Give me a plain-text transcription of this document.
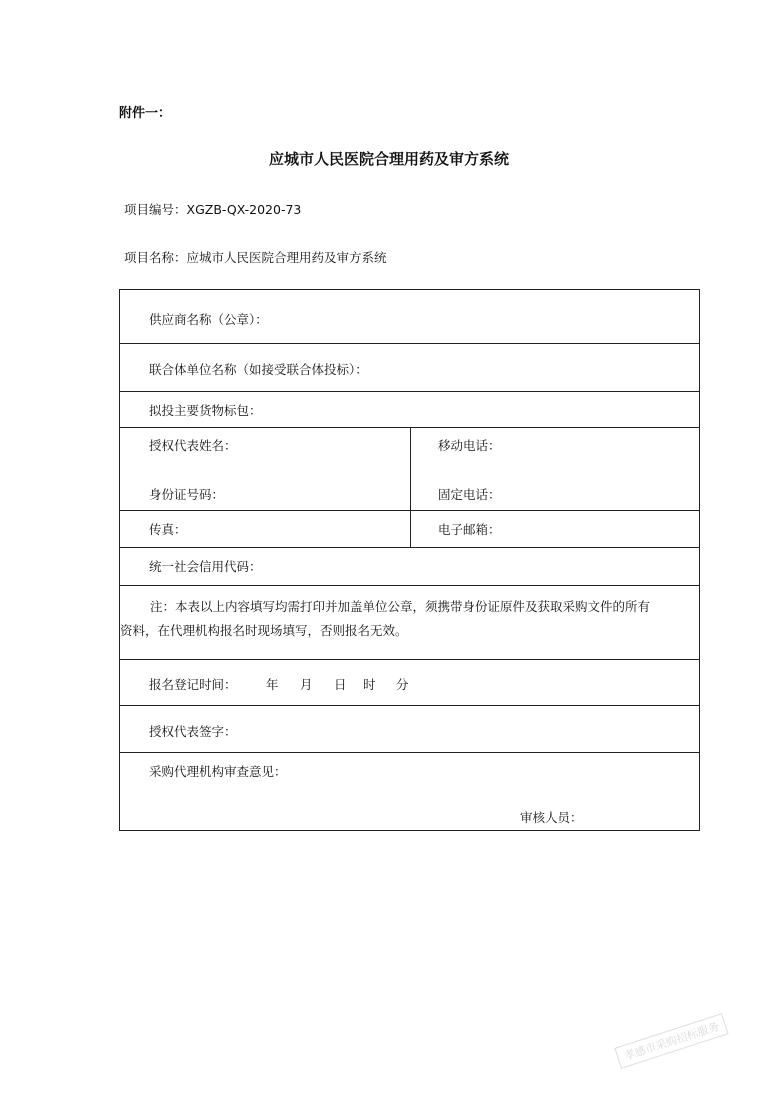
附件一：
应城市人民医院合理用药及审方系统
项目编号：XGZB-QX-2020-73
项目名称：应城市人民医院合理用药及审方系统
供应商名称（公章）：
联合体单位名称（如接受联合体投标）：
拟投主要货物标包：
授权代表姓名：	移动电话：
身份证号码：	固定电话：
传真：	电子邮箱：
统一社会信用代码：
注：本表以上内容填写均需打印并加盖单位公章，须携带身份证原件及获取采购文件的所有
资料，在代理机构报名时现场填写，否则报名无效。
报名登记时间： 年 月 日 时 分
授权代表签字：
采购代理机构审查意见：
审核人员：
孝感市采购招标服务
